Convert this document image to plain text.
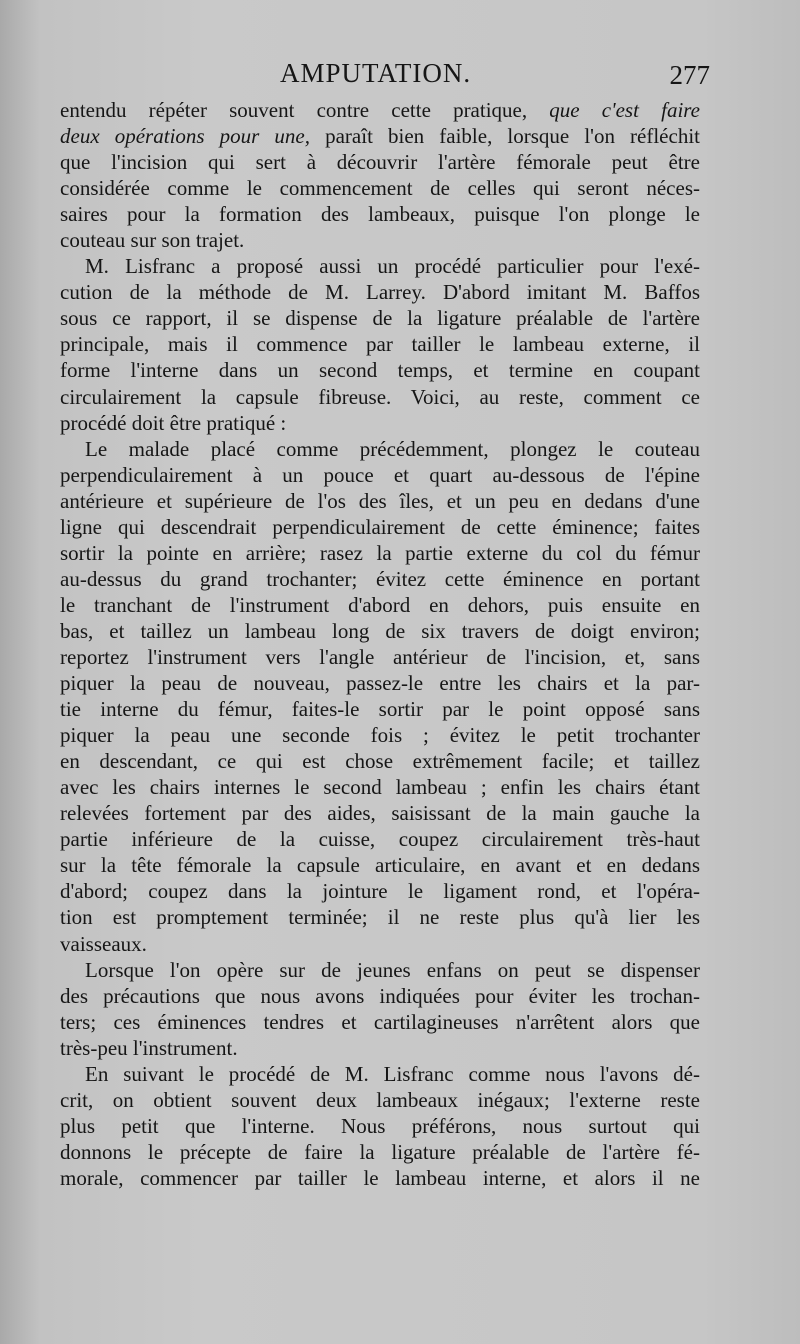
AMPUTATION.	277

entendu répéter souvent contre cette pratique, que c'est faire
deux opérations pour une, paraît bien faible, lorsque l'on réfléchit
que l'incision qui sert à découvrir l'artère fémorale peut être
considérée comme le commencement de celles qui seront néces-
saires pour la formation des lambeaux, puisque l'on plonge le
couteau sur son trajet.

M. Lisfranc a proposé aussi un procédé particulier pour l'exé-
cution de la méthode de M. Larrey. D'abord imitant M. Baffos
sous ce rapport, il se dispense de la ligature préalable de l'artère
principale, mais il commence par tailler le lambeau externe, il
forme l'interne dans un second temps, et termine en coupant
circulairement la capsule fibreuse. Voici, au reste, comment ce
procédé doit être pratiqué :

Le malade placé comme précédemment, plongez le couteau
perpendiculairement à un pouce et quart au-dessous de l'épine
antérieure et supérieure de l'os des îles, et un peu en dedans d'une
ligne qui descendrait perpendiculairement de cette éminence; faites
sortir la pointe en arrière; rasez la partie externe du col du fémur
au-dessus du grand trochanter; évitez cette éminence en portant
le tranchant de l'instrument d'abord en dehors, puis ensuite en
bas, et taillez un lambeau long de six travers de doigt environ;
reportez l'instrument vers l'angle antérieur de l'incision, et, sans
piquer la peau de nouveau, passez-le entre les chairs et la par-
tie interne du fémur, faites-le sortir par le point opposé sans
piquer la peau une seconde fois ; évitez le petit trochanter
en descendant, ce qui est chose extrêmement facile; et taillez
avec les chairs internes le second lambeau ; enfin les chairs étant
relevées fortement par des aides, saisissant de la main gauche la
partie inférieure de la cuisse, coupez circulairement très-haut
sur la tête fémorale la capsule articulaire, en avant et en dedans
d'abord; coupez dans la jointure le ligament rond, et l'opéra-
tion est promptement terminée; il ne reste plus qu'à lier les
vaisseaux.

Lorsque l'on opère sur de jeunes enfans on peut se dispenser
des précautions que nous avons indiquées pour éviter les trochan-
ters; ces éminences tendres et cartilagineuses n'arrêtent alors que
très-peu l'instrument.

En suivant le procédé de M. Lisfranc comme nous l'avons dé-
crit, on obtient souvent deux lambeaux inégaux; l'externe reste
plus petit que l'interne. Nous préférons, nous surtout qui
donnons le précepte de faire la ligature préalable de l'artère fé-
morale, commencer par tailler le lambeau interne, et alors il ne
